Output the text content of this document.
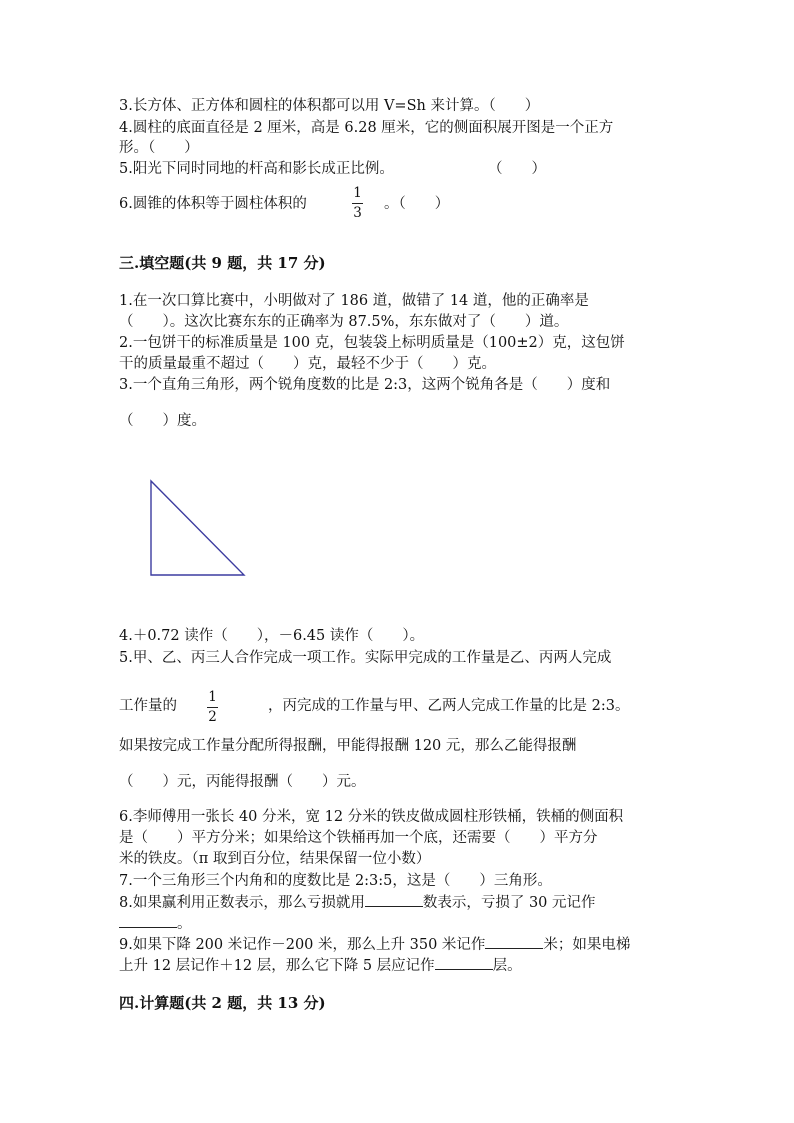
3.长方体、正方体和圆柱的体积都可以用 V=Sh 来计算。（　　）
4.圆柱的底面直径是 2 厘米，高是 6.28 厘米，它的侧面积展开图是一个正方
形。（　　）
5.阳光下同时同地的杆高和影长成正比例。	（　　）
6.圆锥的体积等于圆柱体积的
1
3
。（　　）
三.填空题(共 9 题，共 17 分)
1.在一次口算比赛中，小明做对了 186 道，做错了 14 道，他的正确率是
（　　）。这次比赛东东的正确率为 87.5%，东东做对了（　　）道。
2.一包饼干的标准质量是 100 克，包装袋上标明质量是（100±2）克，这包饼
干的质量最重不超过（　　）克，最轻不少于（　　）克。
3.一个直角三角形，两个锐角度数的比是 2:3，这两个锐角各是（　　）度和
（　　）度。
4.＋0.72 读作（　　），－6.45 读作（　　）。
5.甲、乙、丙三人合作完成一项工作。实际甲完成的工作量是乙、丙两人完成
工作量的
1
2
，丙完成的工作量与甲、乙两人完成工作量的比是 2:3。
如果按完成工作量分配所得报酬，甲能得报酬 120 元，那么乙能得报酬
（　　）元，丙能得报酬（　　）元。
6.李师傅用一张长 40 分米，宽 12 分米的铁皮做成圆柱形铁桶，铁桶的侧面积
是（　　）平方分米；如果给这个铁桶再加一个底，还需要（　　）平方分
米的铁皮。（π 取到百分位，结果保留一位小数）
7.一个三角形三个内角和的度数比是 2:3:5，这是（　　）三角形。
8.如果赢利用正数表示，那么亏损就用	数表示，亏损了 30 元记作
。
9.如果下降 200 米记作－200 米，那么上升 350 米记作	米；如果电梯
上升 12 层记作＋12 层，那么它下降 5 层应记作	层。
四.计算题(共 2 题，共 13 分)
